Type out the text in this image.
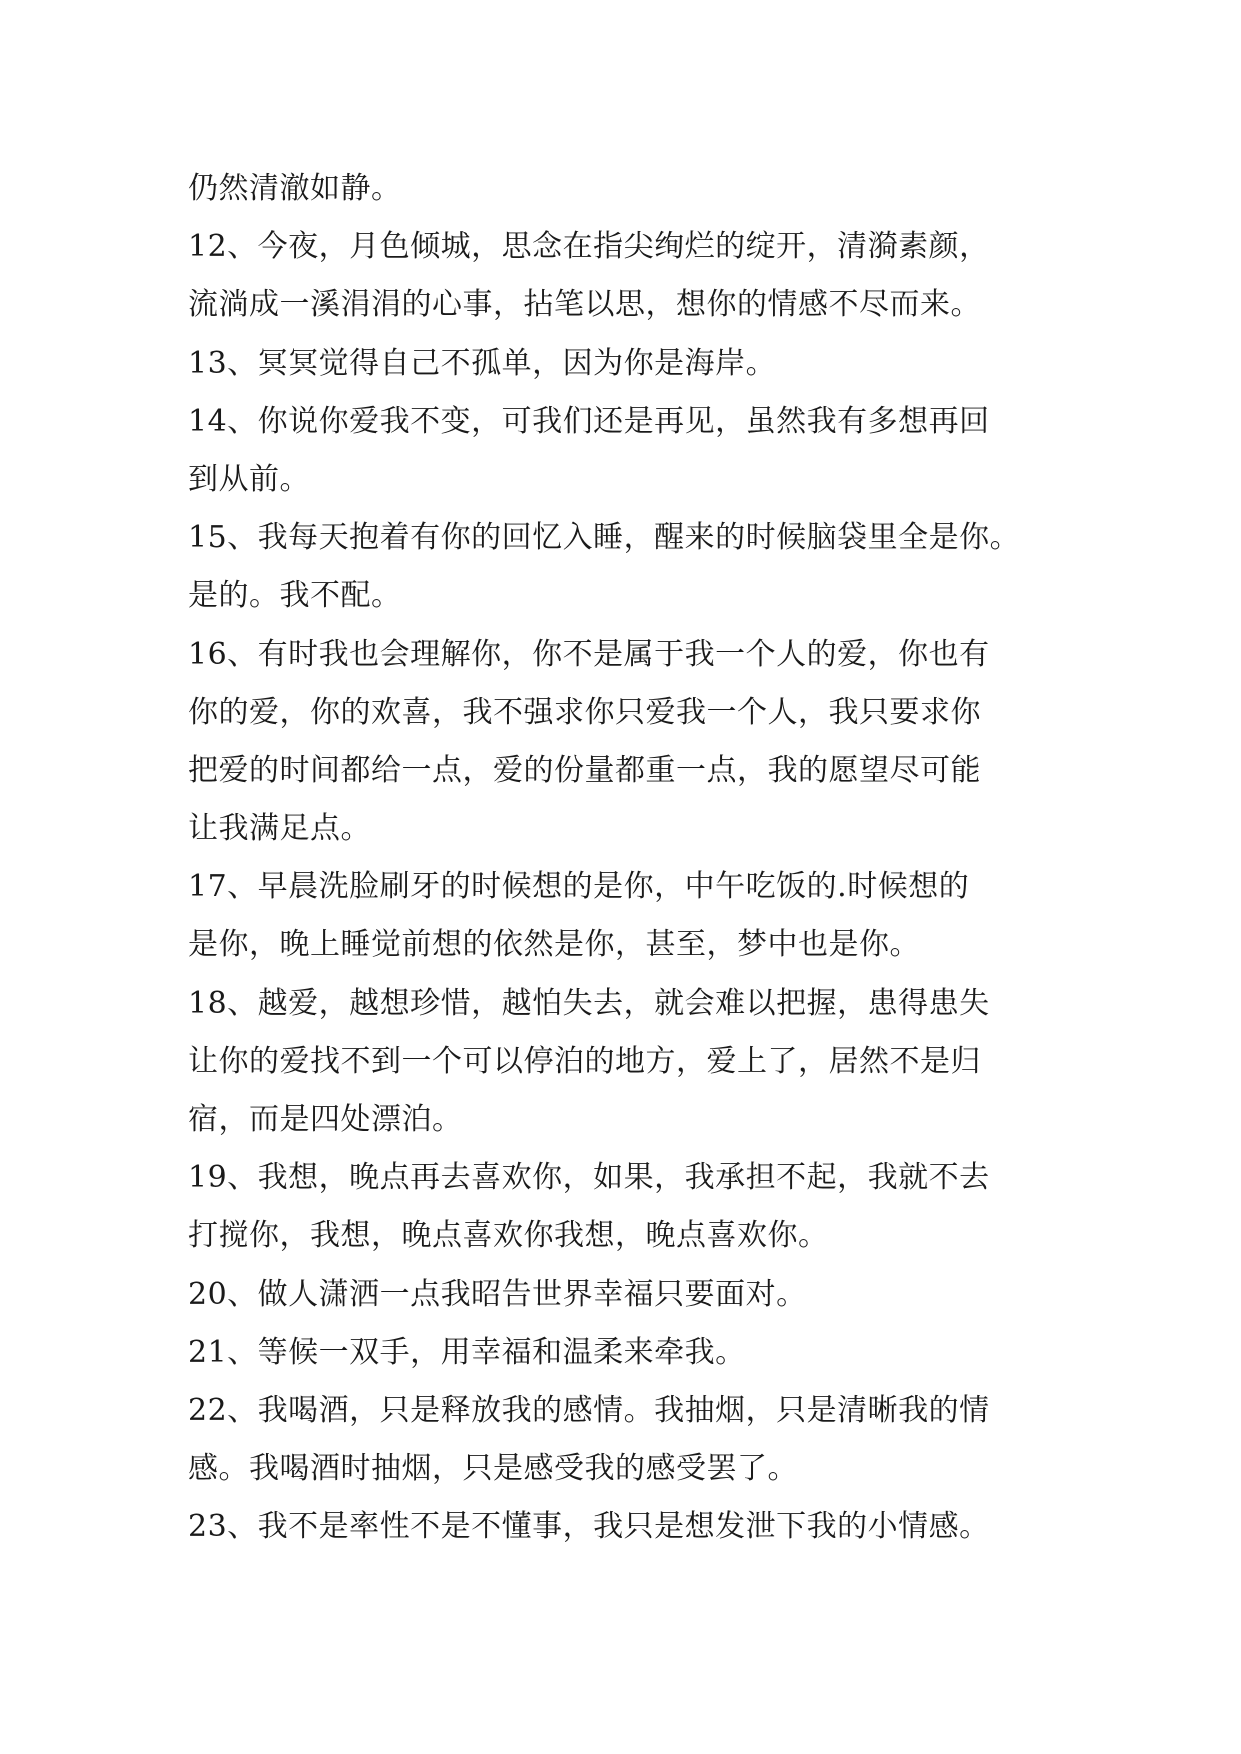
仍然清澈如静。
12、今夜，月色倾城，思念在指尖绚烂的绽开，清漪素颜，
流淌成一溪涓涓的心事，拈笔以思，想你的情感不尽而来。
13、冥冥觉得自己不孤单，因为你是海岸。
14、你说你爱我不变，可我们还是再见，虽然我有多想再回
到从前。
15、我每天抱着有你的回忆入睡，醒来的时候脑袋里全是你。
是的。我不配。
16、有时我也会理解你，你不是属于我一个人的爱，你也有
你的爱，你的欢喜，我不强求你只爱我一个人，我只要求你
把爱的时间都给一点，爱的份量都重一点，我的愿望尽可能
让我满足点。
17、早晨洗脸刷牙的时候想的是你，中午吃饭的.时候想的
是你，晚上睡觉前想的依然是你，甚至，梦中也是你。
18、越爱，越想珍惜，越怕失去，就会难以把握，患得患失
让你的爱找不到一个可以停泊的地方，爱上了，居然不是归
宿，而是四处漂泊。
19、我想，晚点再去喜欢你，如果，我承担不起，我就不去
打搅你，我想，晚点喜欢你我想，晚点喜欢你。
20、做人潇洒一点我昭告世界幸福只要面对。
21、等候一双手，用幸福和温柔来牵我。
22、我喝酒，只是释放我的感情。我抽烟，只是清晰我的情
感。我喝酒时抽烟，只是感受我的感受罢了。
23、我不是率性不是不懂事，我只是想发泄下我的小情感。
